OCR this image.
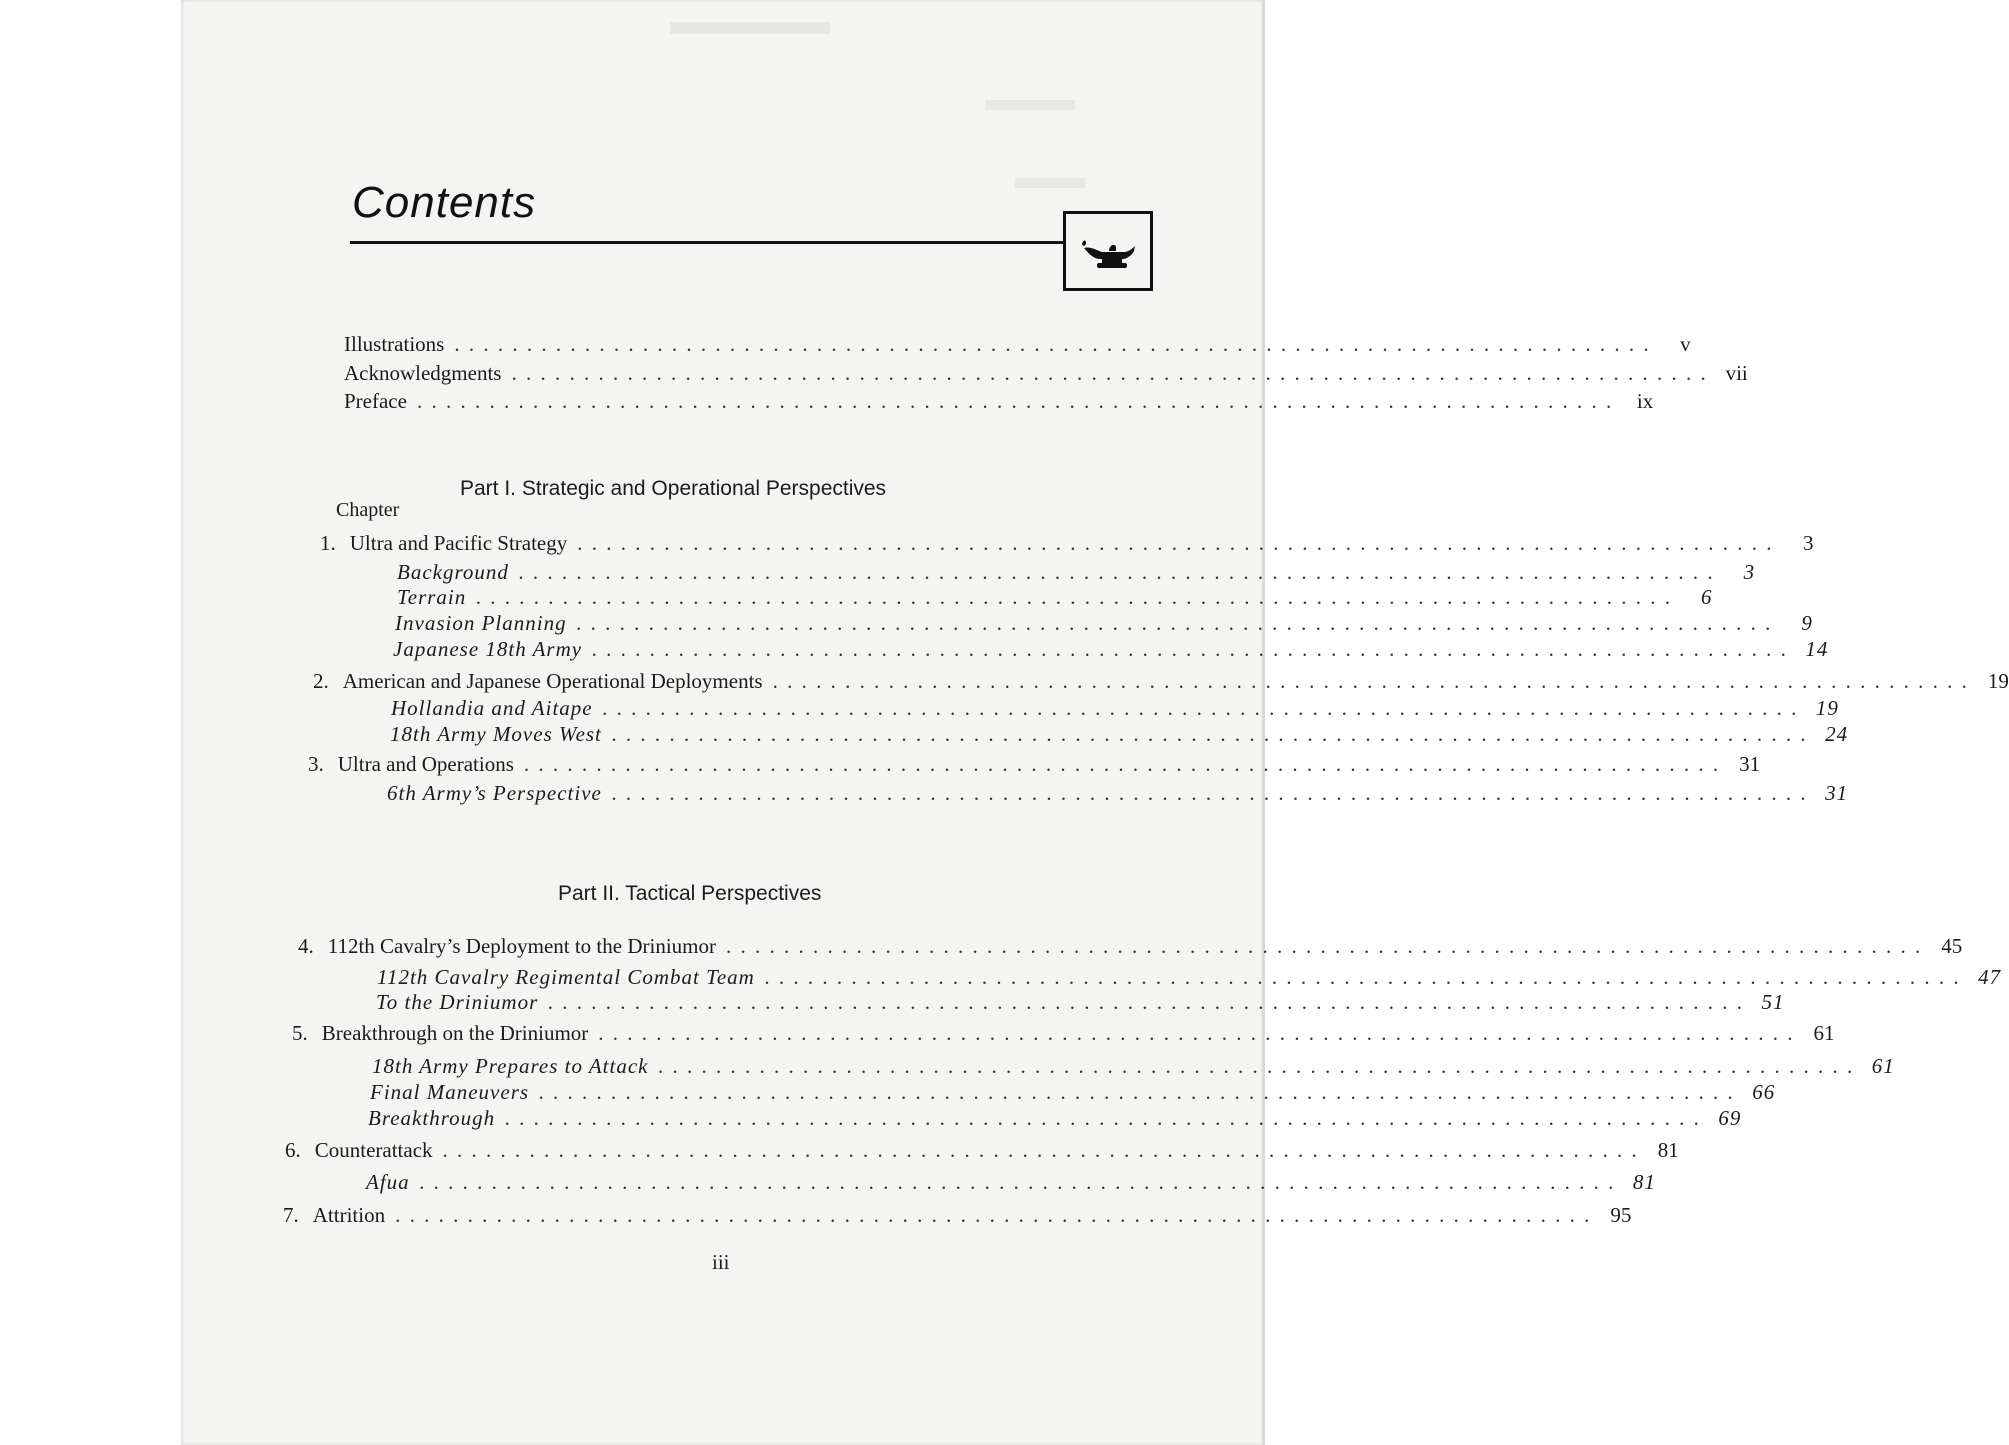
Contents
Illustrations . . . . . . . . . . . . . . . . . . . . . . . . . . . . . . . . . . . . . . . . . . . . . . . . . . . . . . . . . . . . . . . . . . . . . . . . . . . . . . . . . . .	v
Acknowledgments . . . . . . . . . . . . . . . . . . . . . . . . . . . . . . . . . . . . . . . . . . . . . . . . . . . . . . . . . . . . . . . . . . . . . . . . . . . . . . . . . . . vii
Preface . . . . . . . . . . . . . . . . . . . . . . . . . . . . . . . . . . . . . . . . . . . . . . . . . . . . . . . . . . . . . . . . . . . . . . . . . . . . . . . . . . .	ix
Part I. Strategic and Operational Perspectives
Chapter
1. Ultra and Pacific Strategy . . . . . . . . . . . . . . . . . . . . . . . . . . . . . . . . . . . . . . . . . . . . . . . . . . . . . . . . . . . . . . . . . . . . . . . . . . . . . . . . . . .	3
Background . . . . . . . . . . . . . . . . . . . . . . . . . . . . . . . . . . . . . . . . . . . . . . . . . . . . . . . . . . . . . . . . . . . . . . . . . . . . . . . . . . .	3
Terrain . . . . . . . . . . . . . . . . . . . . . . . . . . . . . . . . . . . . . . . . . . . . . . . . . . . . . . . . . . . . . . . . . . . . . . . . . . . . . . . . . . .	6
Invasion Planning . . . . . . . . . . . . . . . . . . . . . . . . . . . . . . . . . . . . . . . . . . . . . . . . . . . . . . . . . . . . . . . . . . . . . . . . . . . . . . . . . . .	9
Japanese 18th Army . . . . . . . . . . . . . . . . . . . . . . . . . . . . . . . . . . . . . . . . . . . . . . . . . . . . . . . . . . . . . . . . . . . . . . . . . . . . . . . . . . . 14
2. American and Japanese Operational Deployments . . . . . . . . . . . . . . . . . . . . . . . . . . . . . . . . . . . . . . . . . . . . . . . . . . . . . . . . . . . . . . . . . . . . . . . . . . . . . . . . . . . 19
Hollandia and Aitape . . . . . . . . . . . . . . . . . . . . . . . . . . . . . . . . . . . . . . . . . . . . . . . . . . . . . . . . . . . . . . . . . . . . . . . . . . . . . . . . . . . 19
18th Army Moves West . . . . . . . . . . . . . . . . . . . . . . . . . . . . . . . . . . . . . . . . . . . . . . . . . . . . . . . . . . . . . . . . . . . . . . . . . . . . . . . . . . . 24
3. Ultra and Operations . . . . . . . . . . . . . . . . . . . . . . . . . . . . . . . . . . . . . . . . . . . . . . . . . . . . . . . . . . . . . . . . . . . . . . . . . . . . . . . . . . . 31
6th Army’s Perspective . . . . . . . . . . . . . . . . . . . . . . . . . . . . . . . . . . . . . . . . . . . . . . . . . . . . . . . . . . . . . . . . . . . . . . . . . . . . . . . . . . . 31
Part II. Tactical Perspectives
4. 112th Cavalry’s Deployment to the Driniumor . . . . . . . . . . . . . . . . . . . . . . . . . . . . . . . . . . . . . . . . . . . . . . . . . . . . . . . . . . . . . . . . . . . . . . . . . . . . . . . . . . . 45
112th Cavalry Regimental Combat Team . . . . . . . . . . . . . . . . . . . . . . . . . . . . . . . . . . . . . . . . . . . . . . . . . . . . . . . . . . . . . . . . . . . . . . . . . . . . . . . . . . . 47
To the Driniumor . . . . . . . . . . . . . . . . . . . . . . . . . . . . . . . . . . . . . . . . . . . . . . . . . . . . . . . . . . . . . . . . . . . . . . . . . . . . . . . . . . . 51
5. Breakthrough on the Driniumor . . . . . . . . . . . . . . . . . . . . . . . . . . . . . . . . . . . . . . . . . . . . . . . . . . . . . . . . . . . . . . . . . . . . . . . . . . . . . . . . . . . 61
18th Army Prepares to Attack . . . . . . . . . . . . . . . . . . . . . . . . . . . . . . . . . . . . . . . . . . . . . . . . . . . . . . . . . . . . . . . . . . . . . . . . . . . . . . . . . . . 61
Final Maneuvers . . . . . . . . . . . . . . . . . . . . . . . . . . . . . . . . . . . . . . . . . . . . . . . . . . . . . . . . . . . . . . . . . . . . . . . . . . . . . . . . . . . 66
Breakthrough . . . . . . . . . . . . . . . . . . . . . . . . . . . . . . . . . . . . . . . . . . . . . . . . . . . . . . . . . . . . . . . . . . . . . . . . . . . . . . . . . . . 69
6. Counterattack . . . . . . . . . . . . . . . . . . . . . . . . . . . . . . . . . . . . . . . . . . . . . . . . . . . . . . . . . . . . . . . . . . . . . . . . . . . . . . . . . . . 81
Afua . . . . . . . . . . . . . . . . . . . . . . . . . . . . . . . . . . . . . . . . . . . . . . . . . . . . . . . . . . . . . . . . . . . . . . . . . . . . . . . . . . . 81
7. Attrition . . . . . . . . . . . . . . . . . . . . . . . . . . . . . . . . . . . . . . . . . . . . . . . . . . . . . . . . . . . . . . . . . . . . . . . . . . . . . . . . . . . 95
iii
